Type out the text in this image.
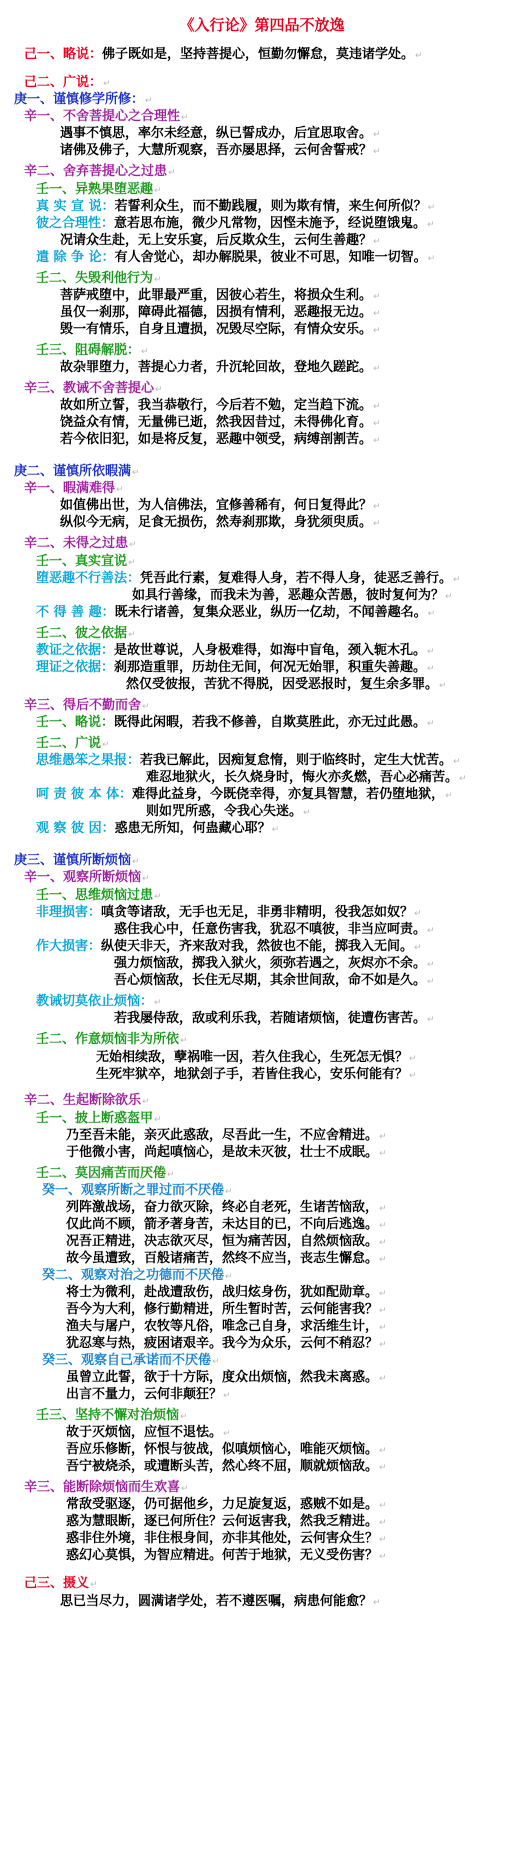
《入行论》第四品不放逸
己一、略说：佛子既如是，坚持菩提心，恒勤勿懈怠，莫违诸学处。↵
己二、广说：↵
庚一、谨慎修学所修：↵
辛一、不舍菩提心之合理性↵
遇事不慎思，率尔未经意，纵已誓成办，后宜思取舍。↵
诸佛及佛子，大慧所观察，吾亦屡思择，云何舍誓戒？↵
辛二、舍弃菩提心之过患↵
壬一、异熟果堕恶趣↵
真 实 宣 说：若誓利众生，而不勤践履，则为欺有情，来生何所似？↵
彼之合理性：意若思布施，微少凡常物，因悭未施予，经说堕饿鬼。↵
况请众生赴，无上安乐宴，后反欺众生，云何生善趣？↵
遣 除 争 论：有人舍觉心，却办解脱果，彼业不可思，知唯一切智。↵
壬二、失毁利他行为↵
菩萨戒堕中，此罪最严重，因彼心若生，将损众生利。↵
虽仅一刹那，障碍此福德，因损有情利，恶趣报无边。↵
毁一有情乐，自身且遭损，况毁尽空际，有情众安乐。↵
壬三、阻碍解脱：↵
故杂罪堕力，菩提心力者，升沉轮回故，登地久蹉跎。↵
辛三、教诫不舍菩提心↵
故如所立誓，我当恭敬行，今后若不勉，定当趋下流。↵
饶益众有情，无量佛已逝，然我因昔过，未得佛化育。↵
若今依旧犯，如是将反复，恶趣中领受，病缚剖割苦。↵
庚二、谨慎所依暇满↵
辛一、暇满难得↵
如值佛出世，为人信佛法，宜修善稀有，何日复得此？↵
纵似今无病，足食无损伤，然寿刹那欺，身犹须臾质。↵
辛二、未得之过患↵
壬一、真实宣说↵
堕恶趣不行善法：凭吾此行素，复难得人身，若不得人身，徒恶乏善行。↵
如具行善缘，而我未为善，恶趣众苦愚，彼时复何为？↵
不 得 善 趣：既未行诸善，复集众恶业，纵历一亿劫，不闻善趣名。↵
壬二、彼之依据↵
教证之依据：是故世尊说，人身极难得，如海中盲龟，颈入轭木孔。↵
理证之依据：刹那造重罪，历劫住无间，何况无始罪，积重失善趣。↵
然仅受彼报，苦犹不得脱，因受恶报时，复生余多罪。↵
辛三、得后不勤而舍↵
壬一、略说：既得此闲暇，若我不修善，自欺莫胜此，亦无过此愚。↵
壬二、广说↵
思维愚笨之果报：若我已解此，因痴复怠惰，则于临终时，定生大忧苦。↵
难忍地狱火，长久烧身时，悔火亦炙燃，吾心必痛苦。↵
呵 责 彼 本 体：难得此益身，今既侥幸得，亦复具智慧，若仍堕地狱，↵
则如咒所惑，令我心失迷。↵
观 察 彼 因：惑患无所知，何蛊藏心耶？↵
庚三、谨慎所断烦恼↵
辛一、观察所断烦恼↵
壬一、思维烦恼过患↵
非理损害：嗔贪等诸敌，无手也无足，非勇非精明，役我怎如奴？↵
惑住我心中，任意伤害我，犹忍不嗔彼，非当应呵责。↵
作大损害：纵使天非天，齐来敌对我，然彼也不能，掷我入无间。↵
强力烦恼敌，掷我入狱火，须弥若遇之，灰烬亦不余。↵
吾心烦恼敌，长住无尽期，其余世间敌，命不如是久。↵
教诫切莫依止烦恼：↵
若我屡侍敌，敌或利乐我，若随诸烦恼，徒遭伤害苦。↵
壬二、作意烦恼非为所依↵
无始相续敌，孽祸唯一因，若久住我心，生死怎无惧？↵
生死牢狱卒，地狱刽子手，若皆住我心，安乐何能有？↵
辛二、生起断除欲乐↵
壬一、披上断惑盔甲↵
乃至吾未能，亲灭此惑敌，尽吾此一生，不应舍精进。↵
于他微小害，尚起嗔恼心，是故未灭彼，壮士不成眠。↵
壬二、莫因痛苦而厌倦↵
癸一、观察所断之罪过而不厌倦↵
列阵激战场，奋力欲灭除，终必自老死，生诸苦恼敌，↵
仅此尚不顾，箭矛著身苦，未达目的已，不向后逃逸。↵
况吾正精进，决志欲灭尽，恒为痛苦因，自然烦恼敌。↵
故今虽遭致，百般诸痛苦，然终不应当，丧志生懈怠。↵
癸二、观察对治之功德而不厌倦↵
将士为微利，赴战遭敌伤，战归炫身伤，犹如配勋章。↵
吾今为大利，修行勤精进，所生暂时苦，云何能害我？↵
渔夫与屠户，农牧等凡俗，唯念己自身，求活维生计，↵
犹忍寒与热，疲困诸艰辛。我今为众乐，云何不稍忍？↵
癸三、观察自己承诺而不厌倦↵
虽曾立此誓，欲于十方际，度众出烦恼，然我未离惑。↵
出言不量力，云何非颠狂？↵
壬三、坚持不懈对治烦恼↵
故于灭烦恼，应恒不退怯。↵
吾应乐修断，怀恨与彼战，似嗔烦恼心，唯能灭烦恼。↵
吾宁被烧杀，或遭断头苦，然心终不屈，顺就烦恼敌。↵
辛三、能断除烦恼而生欢喜↵
常敌受驱逐，仍可据他乡，力足旋复返，惑贼不如是。↵
惑为慧眼断，逐已何所住？云何返害我，然我乏精进。↵
惑非住外境，非住根身间，亦非其他处，云何害众生？↵
惑幻心莫惧，为智应精进。何苦于地狱，无义受伤害？↵
己三、摄义↵
思已当尽力，圆满诸学处，若不遵医嘱，病患何能愈？↵
